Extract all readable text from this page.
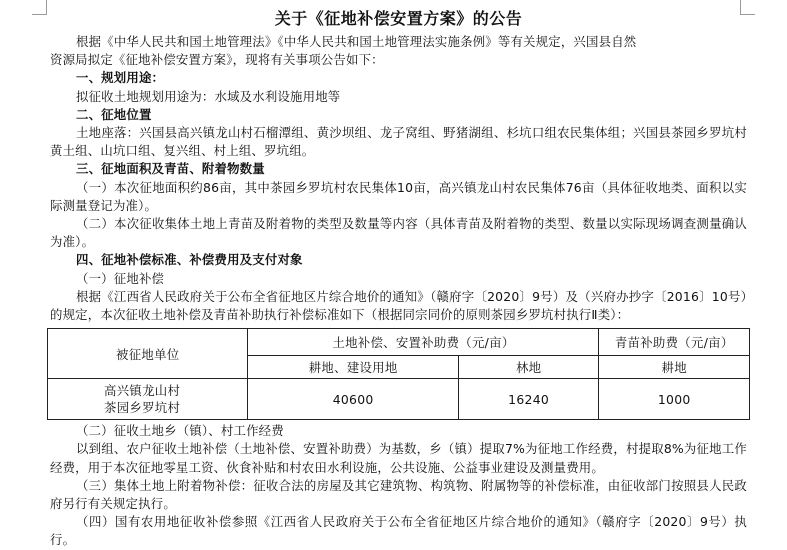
关于《征地补偿安置方案》的公告

根据《中华人民共和国土地管理法》《中华人民共和国土地管理法实施条例》等有关规定，兴国县自然

资源局拟定《征地补偿安置方案》，现将有关事项公告如下：

一、规划用途：

拟征收土地规划用途为：水域及水利设施用地等

二、征地位置

土地座落：兴国县高兴镇龙山村石榴潭组、黄沙坝组、龙子窝组、野猪湖组、杉坑口组农民集体组；兴国县茶园乡罗坑村黄土组、山坑口组、复兴组、村上组、罗坑组。

三、征地面积及青苗、附着物数量

（一）本次征地面积约86亩，其中茶园乡罗坑村农民集体10亩，高兴镇龙山村农民集体76亩（具体征收地类、面积以实际测量登记为准）。

（二）本次征收集体土地上青苗及附着物的类型及数量等内容（具体青苗及附着物的类型、数量以实际现场调查测量确认为准）。

四、征地补偿标准、补偿费用及支付对象

（一）征地补偿

根据《江西省人民政府关于公布全省征地区片综合地价的通知》（赣府字〔2020〕9号）及（兴府办抄字〔2016〕10号）的规定，本次征收土地补偿及青苗补助执行补偿标准如下（根据同宗同价的原则茶园乡罗坑村执行Ⅱ类）：

被征地单位	土地补偿、安置补助费（元/亩）		青苗补助费（元/亩）
	耕地、建设用地	林地	耕地

高兴镇龙山村
茶园乡罗坑村	40600	16240	1000

（二）征收土地乡（镇）、村工作经费

以到组、农户征收土地补偿（土地补偿、安置补助费）为基数，乡（镇）提取7%为征地工作经费，村提取8%为征地工作经费，用于本次征地零星工资、伙食补贴和村农田水利设施，公共设施、公益事业建设及测量费用。

（三）集体土地上附着物补偿：征收合法的房屋及其它建筑物、构筑物、附属物等的补偿标准，由征收部门按照县人民政府另行有关规定执行。

（四）国有农用地征收补偿参照《江西省人民政府关于公布全省征地区片综合地价的通知》（赣府字〔2020〕9号）执行。
